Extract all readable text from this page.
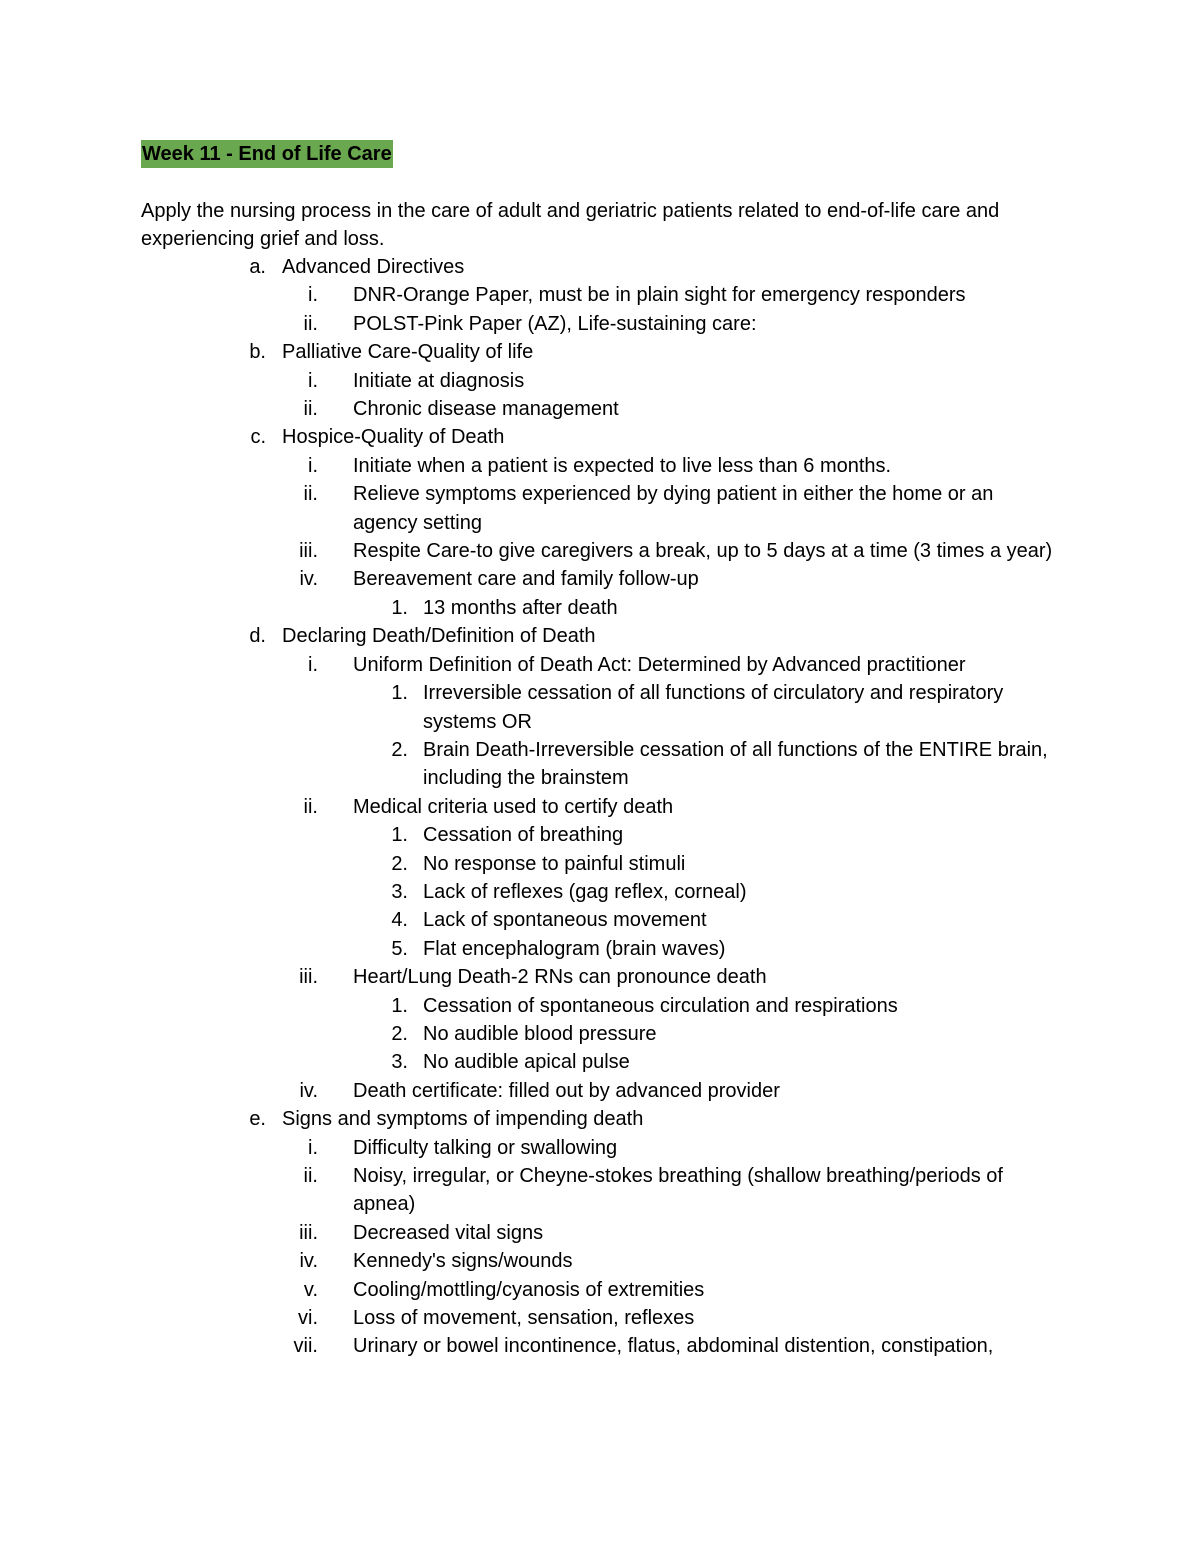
Week 11 - End of Life Care

Apply the nursing process in the care of adult and geriatric patients related to end-of-life care and experiencing grief and loss.

a. Advanced Directives
i. DNR-Orange Paper, must be in plain sight for emergency responders
ii. POLST-Pink Paper (AZ), Life-sustaining care:
b. Palliative Care-Quality of life
i. Initiate at diagnosis
ii. Chronic disease management
c. Hospice-Quality of Death
i. Initiate when a patient is expected to live less than 6 months.
ii. Relieve symptoms experienced by dying patient in either the home or an agency setting
iii. Respite Care-to give caregivers a break, up to 5 days at a time (3 times a year)
iv. Bereavement care and family follow-up
1. 13 months after death
d. Declaring Death/Definition of Death
i. Uniform Definition of Death Act: Determined by Advanced practitioner
1. Irreversible cessation of all functions of circulatory and respiratory systems OR
2. Brain Death-Irreversible cessation of all functions of the ENTIRE brain, including the brainstem
ii. Medical criteria used to certify death
1. Cessation of breathing
2. No response to painful stimuli
3. Lack of reflexes (gag reflex, corneal)
4. Lack of spontaneous movement
5. Flat encephalogram (brain waves)
iii. Heart/Lung Death-2 RNs can pronounce death
1. Cessation of spontaneous circulation and respirations
2. No audible blood pressure
3. No audible apical pulse
iv. Death certificate: filled out by advanced provider
e. Signs and symptoms of impending death
i. Difficulty talking or swallowing
ii. Noisy, irregular, or Cheyne-stokes breathing (shallow breathing/periods of apnea)
iii. Decreased vital signs
iv. Kennedy's signs/wounds
v. Cooling/mottling/cyanosis of extremities
vi. Loss of movement, sensation, reflexes
vii. Urinary or bowel incontinence, flatus, abdominal distention, constipation,
